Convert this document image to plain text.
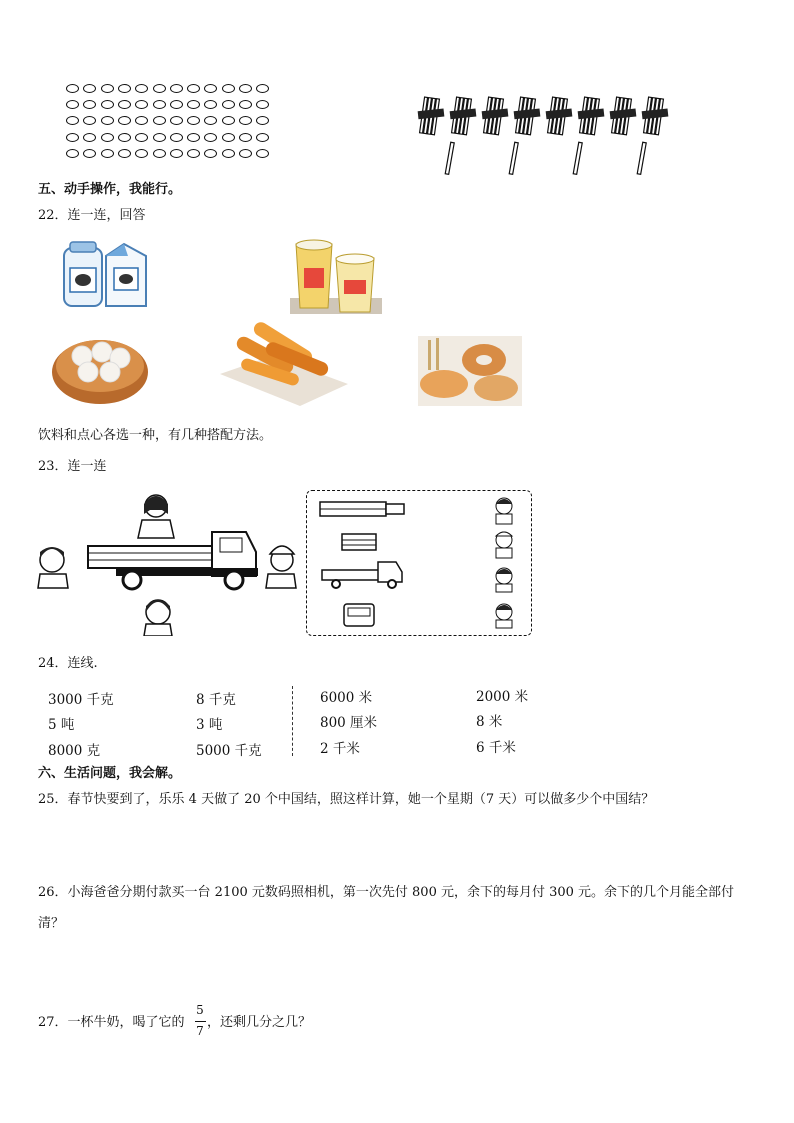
五、动手操作，我能行。
22．连一连，回答
饮料和点心各选一种，有几种搭配方法。
23．连一连
24．连线.
3000 千克
5 吨
8000 克
8 千克
3 吨
5000 千克
6000 米
800 厘米
2 千米
2000 米
8 米
6 千米
六、生活问题，我会解。
25．春节快要到了，乐乐 4 天做了 20 个中国结，照这样计算，她一个星期（7 天）可以做多少个中国结？
26．小海爸爸分期付款买一台 2100 元数码照相机，第一次先付 800 元，余下的每月付 300 元。余下的几个月能全部付
清？
27．一杯牛奶，喝了它的
5
7
，还剩几分之几？
